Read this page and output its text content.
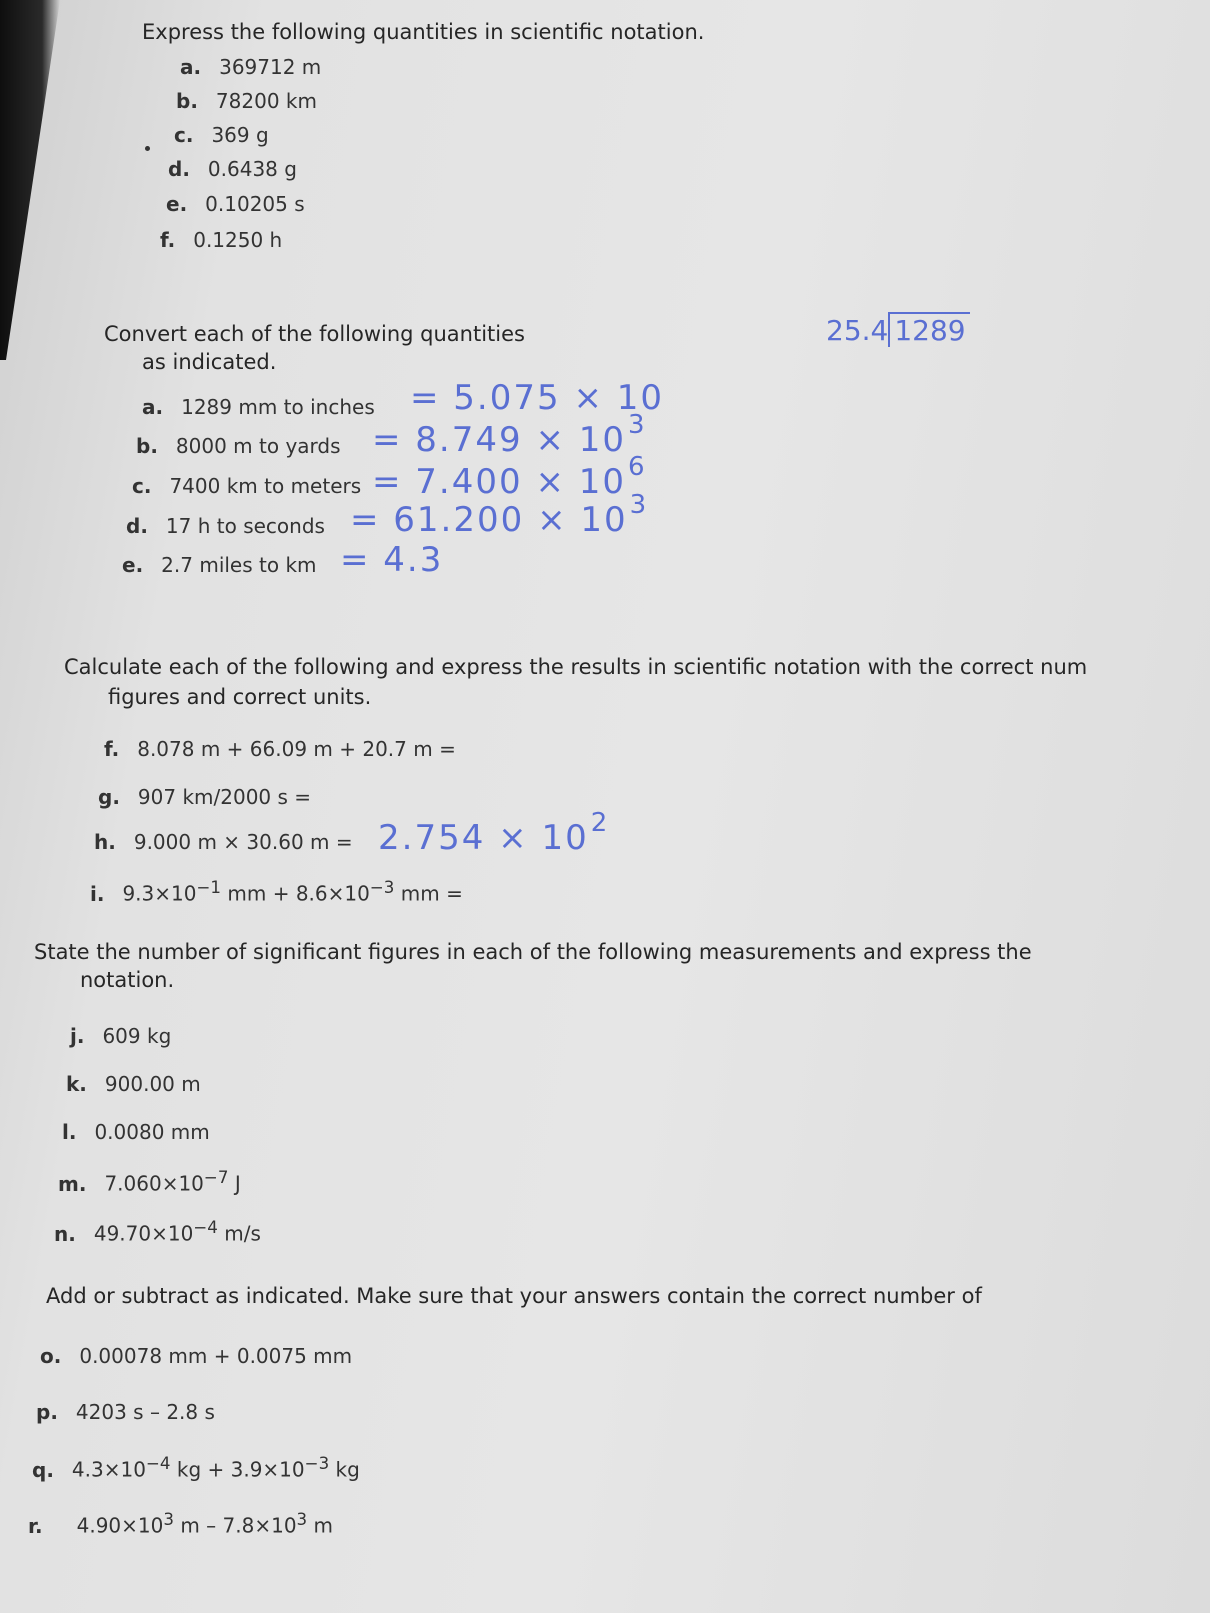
Express the following quantities in scientific notation.
a. 369712 m
b. 78200 km
c. 369 g
d. 0.6438 g
e. 0.10205 s
f. 0.1250 h
Convert each of the following quantities
as indicated.
25.4 1289
a. 1289 mm to inches = 5.075 × 10
b. 8000 m to yards = $8.749 \times 10^3$
c. 7400 km to meters = $7.400 \times 10^6$
d. 17 h to seconds = $61.200 \times 10^3$
e. 2.7 miles to km = 4.3
Calculate each of the following and express the results in scientific notation with the correct num
figures and correct units.
f. 8.078 m + 66.09 m + 20.7 m =
g. 907 km/2000 s =
h. 9.000 m × 30.60 $m = 2.754 \times 10^2$
i. $9.3\times 10^{-1}$ mm + $8.6\times 10^{-3}$ mm =
State the number of significant figures in each of the following measurements and express the
notation.
j. 609 kg
k. 900.00 m
l. 0.0080 mm
m. $7.060\times 10^{-7}$ J
n. $49.70\times 10^{-4}$ m/s
Add or subtract as indicated. Make sure that your answers contain the correct number of
o. 0.00078 mm + 0.0075 mm
p. 4203 s – 2.8 s
q. $4.3\times 10^{-4}$ kg + $3.9\times 10^{-3}$ kg
r. $4.90\times 10^3$ $m - 7.8\times 10^3$ m
